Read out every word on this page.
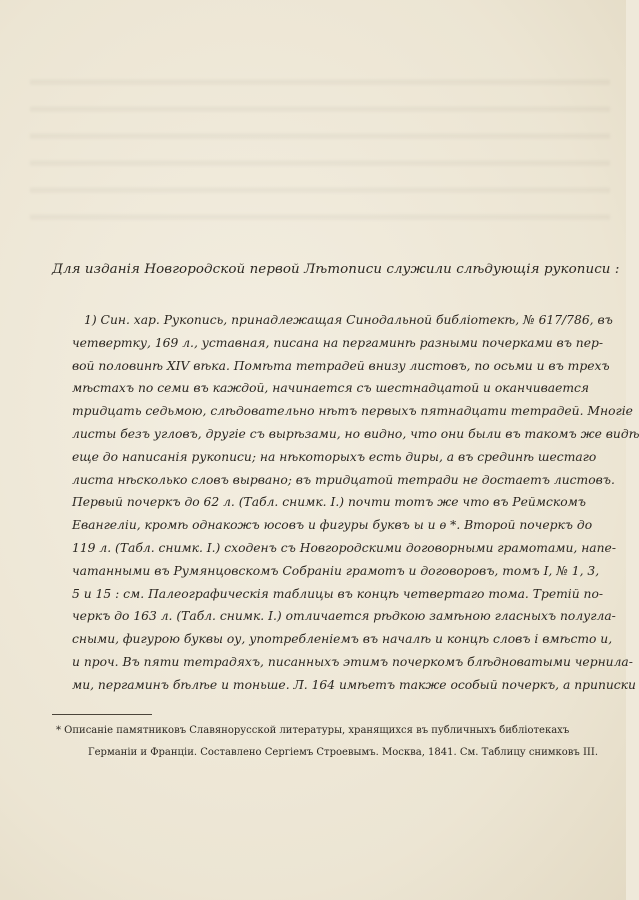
Для изданія Новгородской первой Лѣтописи служили слѣдующія рукописи :
1) Син. хар. Рукопись, принадлежащая Синодальной библіотекѣ, № 617/786, въ
четвертку, 169 л., уставная, писана на пергаминѣ разными почерками въ пер-
вой половинѣ XIV вѣка. Помѣта тетрадей внизу листовъ, по осьми и въ трехъ
мѣстахъ по семи въ каждой, начинается съ шестнадцатой и оканчивается
тридцать седьмою, слѣдовательно нѣтъ первыхъ пятнадцати тетрадей. Многіе
листы безъ угловъ, другіе съ вырѣзами, но видно, что они были въ такомъ же видѣ
еще до написанія рукописи; на нѣкоторыхъ есть диры, а въ срединѣ шестаго
листа нѣсколько словъ вырвано; въ тридцатой тетради не достаетъ листовъ.
Первый почеркъ до 62 л. (Табл. снимк. I.) почти тотъ же что въ Реймскомъ
Евангеліи, кромѣ однакожъ юсовъ и фигуры буквъ ы и ѳ *. Второй почеркъ до
119 л. (Табл. снимк. I.) сходенъ съ Новгородскими договорными грамотами, напе-
чатанными въ Румянцовскомъ Собраніи грамотъ и договоровъ, томъ I, № 1, 3,
5 и 15 : см. Палеографическія таблицы въ концѣ четвертаго тома. Третій по-
черкъ до 163 л. (Табл. снимк. I.) отличается рѣдкою замѣною гласныхъ полугла-
сными, фигурою буквы оу, употребленіемъ въ началѣ и концѣ словъ і вмѣсто и,
и проч. Въ пяти тетрадяхъ, писанныхъ этимъ почеркомъ блѣдноватыми чернила-
ми, пергаминъ бѣлѣе и тоньше. Л. 164 имѣетъ также особый почеркъ, а приписки
* Описаніе памятниковъ Славянорусской литературы, хранящихся въ публичныхъ библіотекахъ
Германіи и Франціи. Составлено Сергіемъ Строевымъ. Москва, 1841. См. Таблицу снимковъ III.
